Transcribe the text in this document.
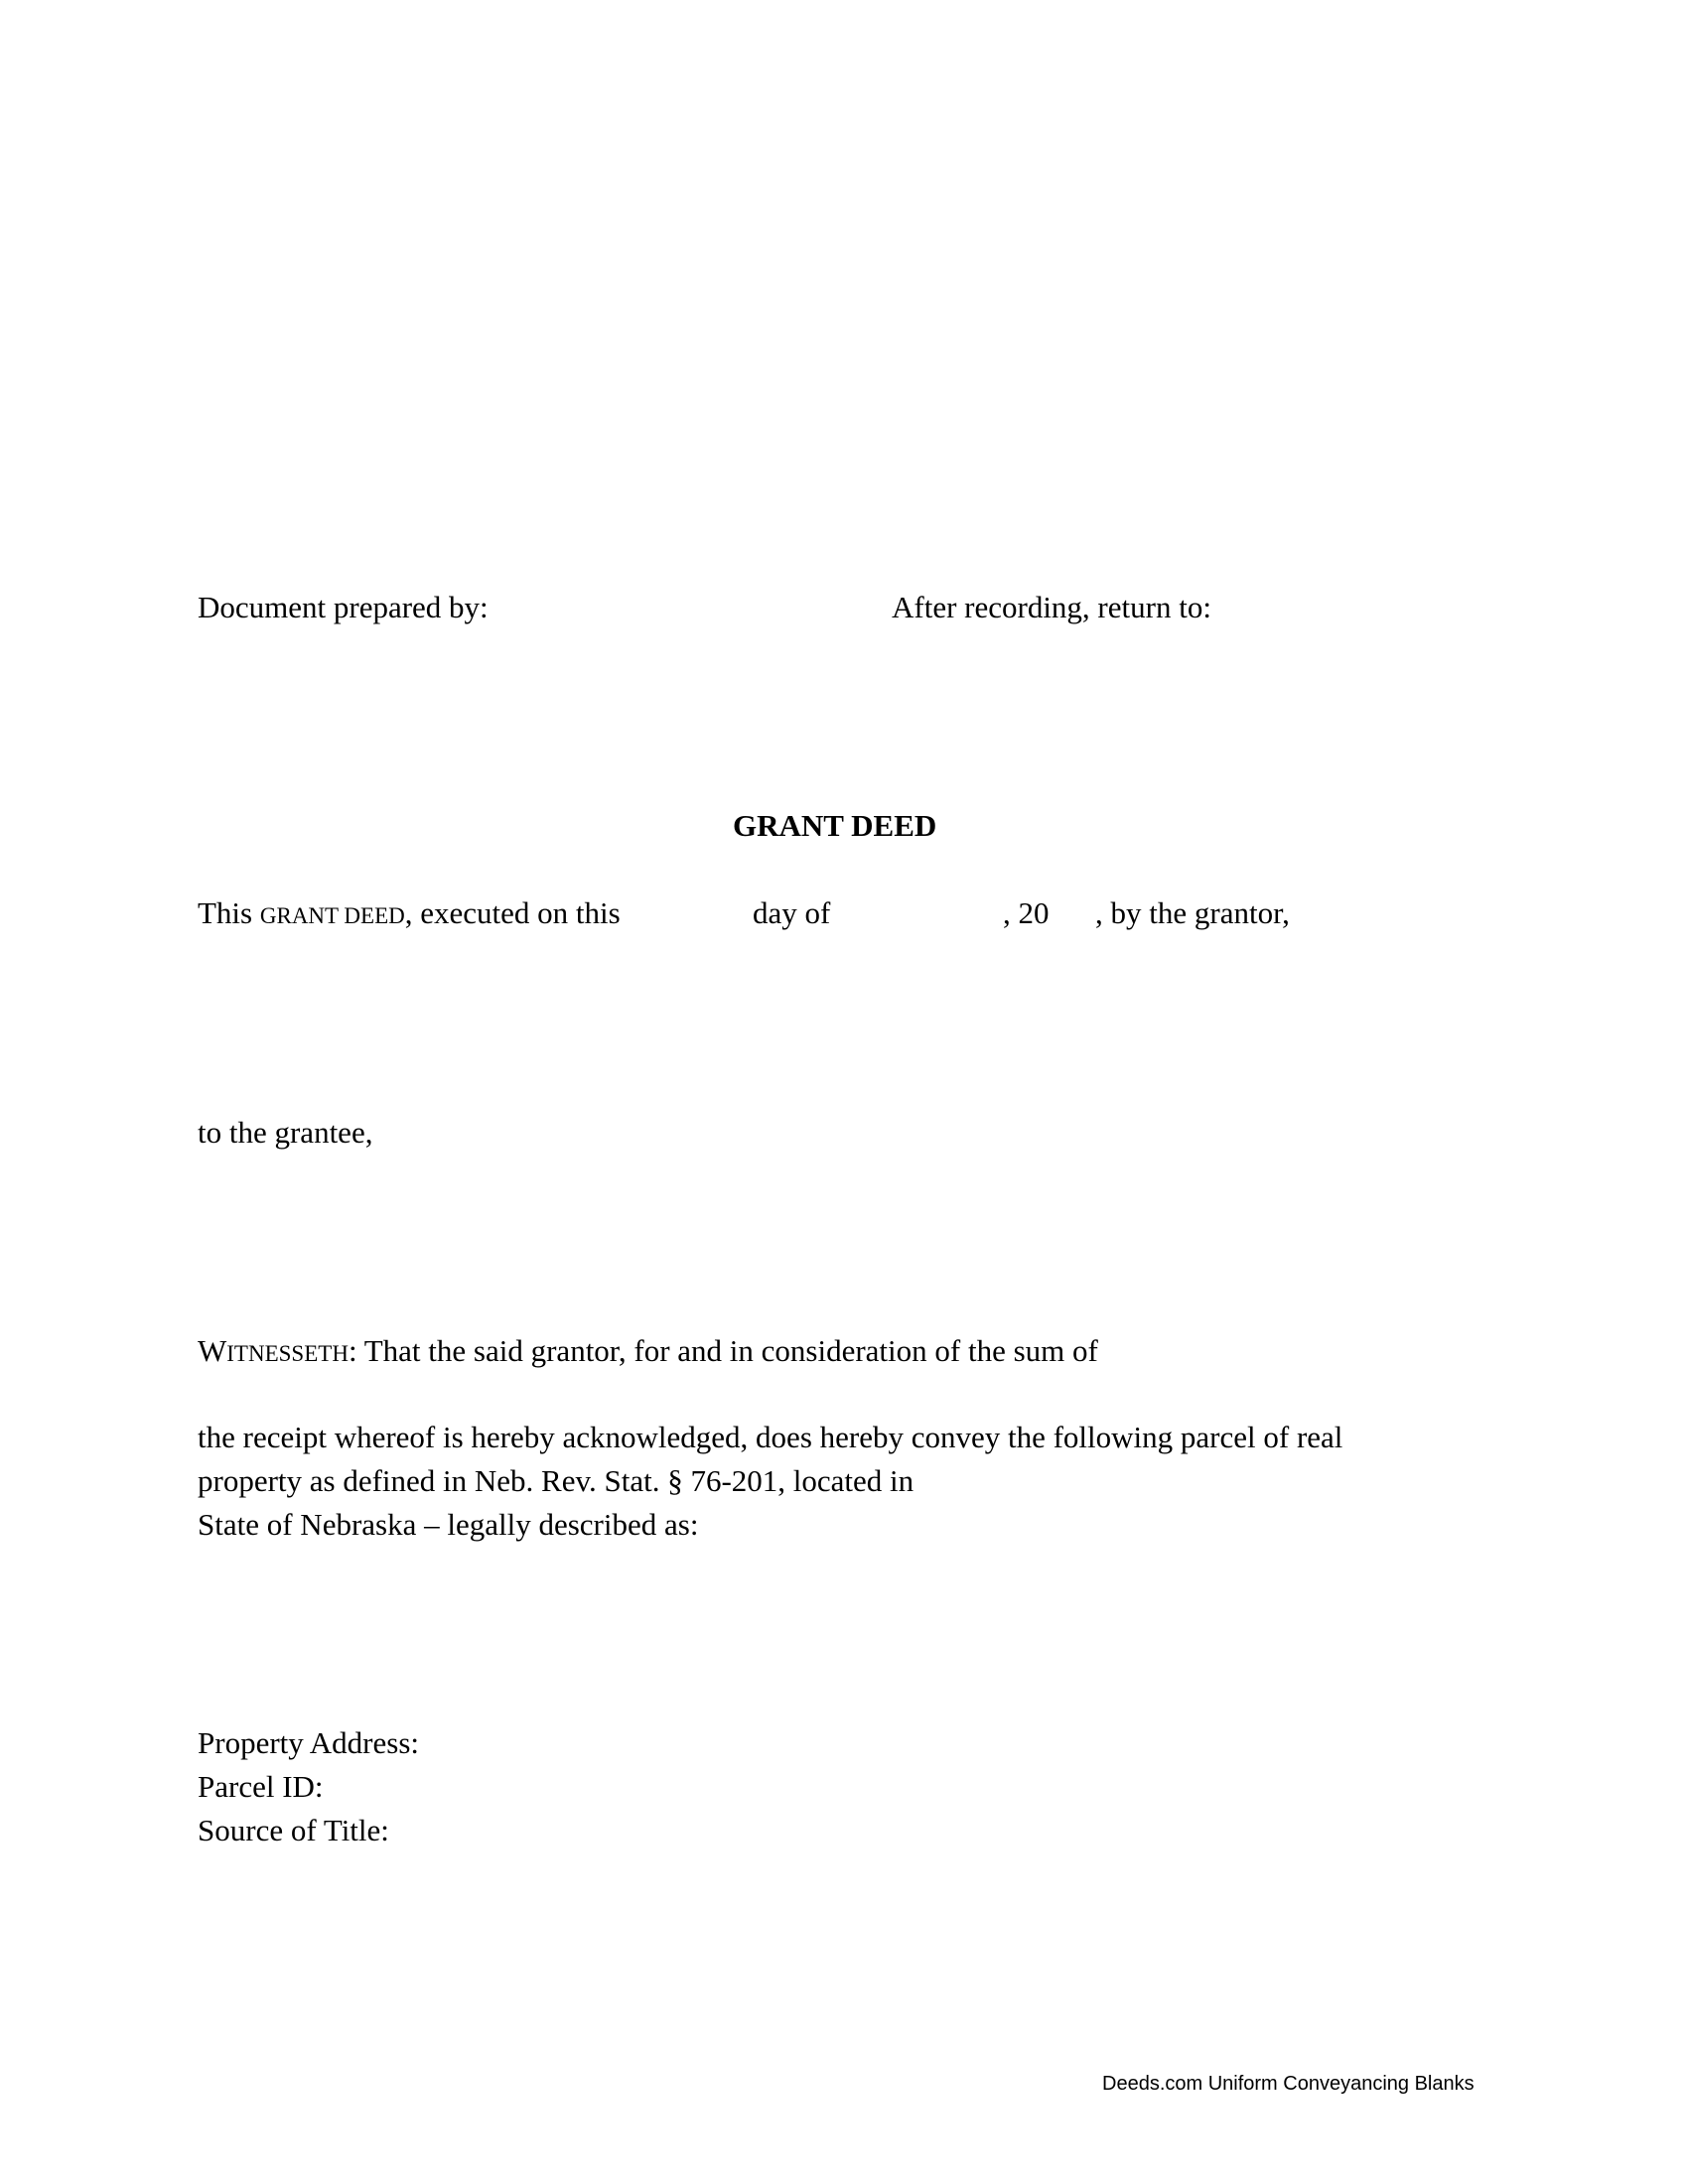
Document prepared by:	After recording, return to:
GRANT DEED
This GRANT DEED, executed on this	day of	, 20 , by the grantor,
to the grantee,
WITNESSETH: That the said grantor, for and in consideration of the sum of
the receipt whereof is hereby acknowledged, does hereby convey the following parcel of real
property as defined in Neb. Rev. Stat. § 76-201, located in
State of Nebraska – legally described as:
Property Address:
Parcel ID:
Source of Title:
Deeds.com Uniform Conveyancing Blanks
